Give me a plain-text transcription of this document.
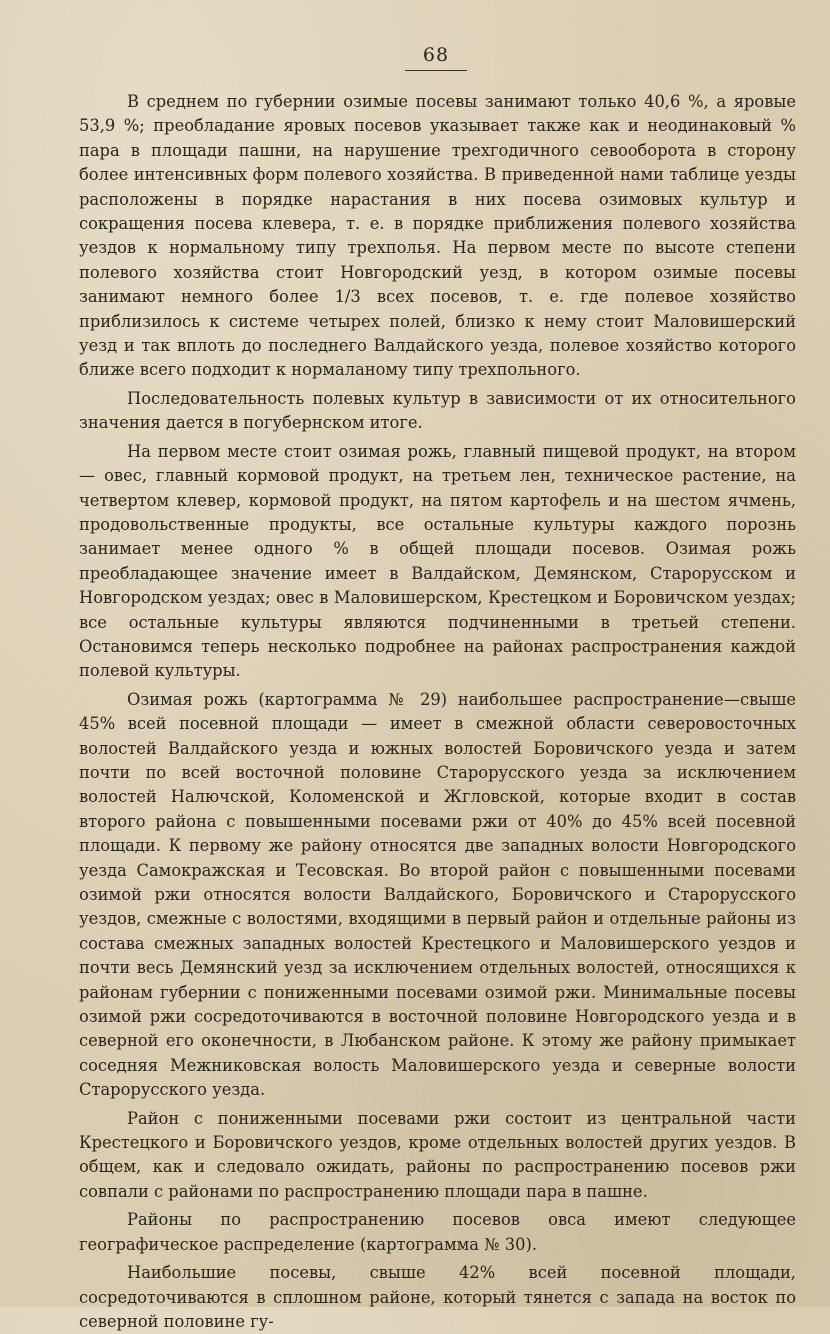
68

В среднем по губернии озимые посевы занимают только 40,6 %, а яровые 53,9 %; преобладание яровых посевов указывает также как и неодинаковый % пара в площади пашни, на нарушение трехгодичного севооборота в сторону более интенсивных форм полевого хозяйства. В приведенной нами таблице уезды расположены в порядке нарастания в них посева озимовых культур и сокращения посева клевера, т. е. в порядке приближения полевого хозяйства уездов к нормальному типу трехполья. На первом месте по высоте степени полевого хозяйства стоит Новгородский уезд, в котором озимые посевы занимают немного более 1/3 всех посевов, т. е. где полевое хозяйство приблизилось к системе четырех полей, близко к нему стоит Маловишерский уезд и так вплоть до последнего Валдайского уезда, полевое хозяйство которого ближе всего подходит к нормаланому типу трехпольного.

Последовательность полевых культур в зависимости от их относительного значения дается в погубернском итоге.

На первом месте стоит озимая рожь, главный пищевой продукт, на втором — овес, главный кормовой продукт, на третьем лен, техническое растение, на четвертом клевер, кормовой продукт, на пятом картофель и на шестом ячмень, продовольственные продукты, все остальные культуры каждого порознь занимает менее одного % в общей площади посевов. Озимая рожь преобладающее значение имеет в Валдайском, Демянском, Старорусском и Новгородском уездах; овес в Маловишерском, Крестецком и Боровичском уездах; все остальные культуры являются подчиненными в третьей степени. Остановимся теперь несколько подробнее на районах распространения каждой полевой культуры.

Озимая рожь (картограмма № 29) наибольшее распространение—свыше 45% всей посевной площади — имеет в смежной области северовосточных волостей Валдайского уезда и южных волостей Боровичского уезда и затем почти по всей восточной половине Старорусского уезда за исключением волостей Налючской, Коломенской и Жгловской, которые входит в состав второго района с повышенными посевами ржи от 40% до 45% всей посевной площади. К первому же району относятся две западных волости Новгородского уезда Самокражская и Тесовская. Во второй район с повышенными посевами озимой ржи относятся волости Валдайского, Боровичского и Старорусского уездов, смежные с волостями, входящими в первый район и отдельные районы из состава смежных западных волостей Крестецкого и Маловишерского уездов и почти весь Демянский уезд за исключением отдельных волостей, относящихся к районам губернии с пониженными посевами озимой ржи. Минимальные посевы озимой ржи сосредоточиваются в восточной половине Новгородского уезда и в северной его оконечности, в Любанском районе. К этому же району примыкает соседняя Межниковская волость Маловишерского уезда и северные волости Старорусского уезда.

Район с пониженными посевами ржи состоит из центральной части Крестецкого и Боровичского уездов, кроме отдельных волостей других уездов. В общем, как и следовало ожидать, районы по распространению посевов ржи совпали с районами по распространению площади пара в пашне.

Районы по распространению посевов овса имеют следующее географическое распределение (картограмма № 30).

Наибольшие посевы, свыше 42% всей посевной площади, сосредоточиваются в сплошном районе, который тянется с запада на восток по северной половине гу-
